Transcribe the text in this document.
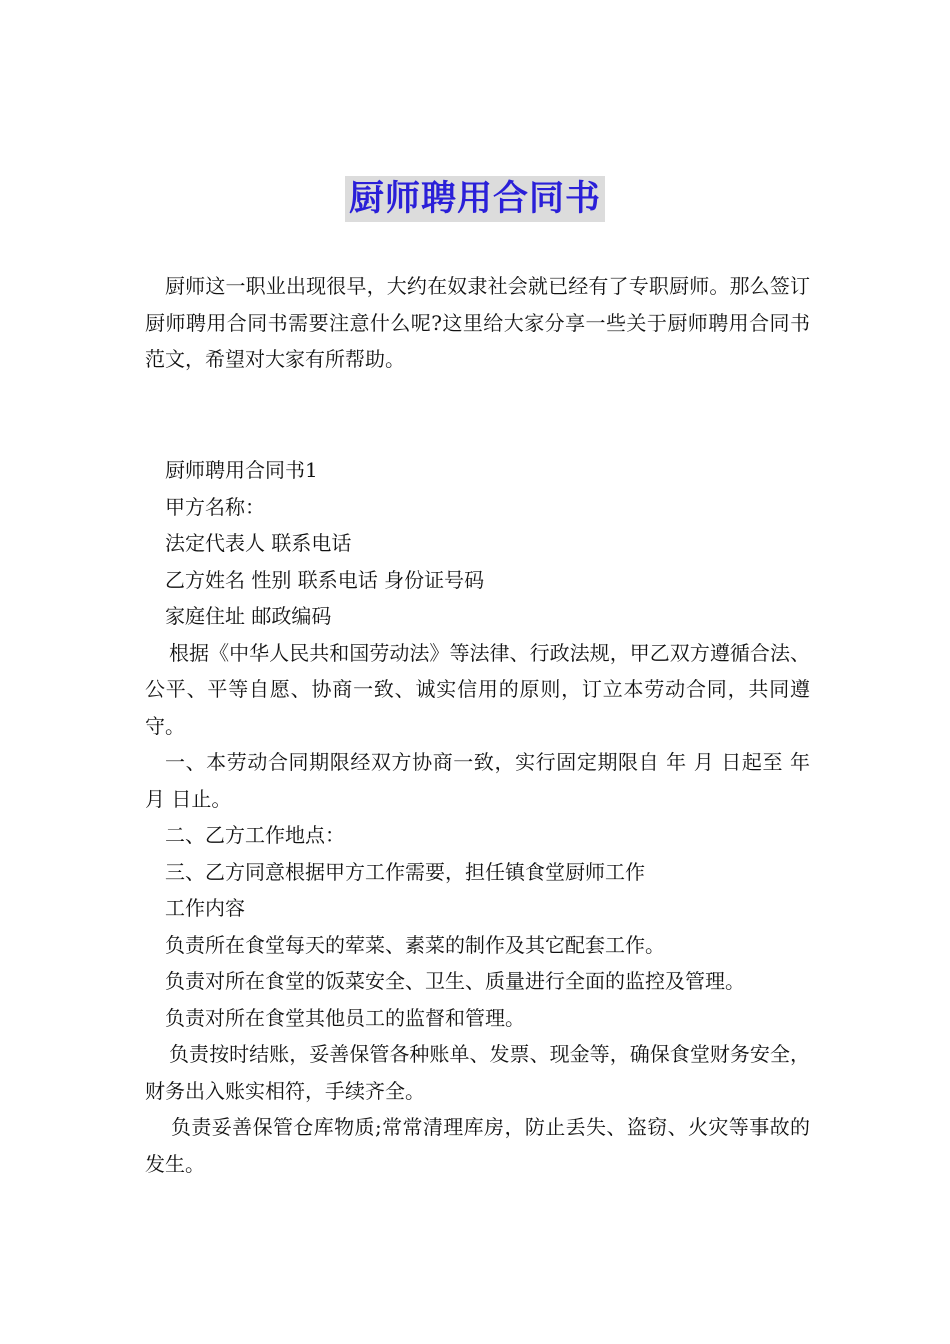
厨师聘用合同书

厨师这一职业出现很早，大约在奴隶社会就已经有了专职厨师。那么签订厨师聘用合同书需要注意什么呢?这里给大家分享一些关于厨师聘用合同书范文，希望对大家有所帮助。

厨师聘用合同书1

甲方名称：

法定代表人 联系电话

乙方姓名 性别 联系电话 身份证号码

家庭住址 邮政编码

根据《中华人民共和国劳动法》等法律、行政法规，甲乙双方遵循合法、公平、平等自愿、协商一致、诚实信用的原则，订立本劳动合同，共同遵守。

一、本劳动合同期限经双方协商一致，实行固定期限自 年 月 日起至 年 月 日止。

二、乙方工作地点：

三、乙方同意根据甲方工作需要，担任镇食堂厨师工作

工作内容

负责所在食堂每天的荤菜、素菜的制作及其它配套工作。

负责对所在食堂的饭菜安全、卫生、质量进行全面的监控及管理。

负责对所在食堂其他员工的监督和管理。

负责按时结账，妥善保管各种账单、发票、现金等，确保食堂财务安全，财务出入账实相符，手续齐全。

负责妥善保管仓库物质;常常清理库房，防止丢失、盗窃、火灾等事故的发生。
